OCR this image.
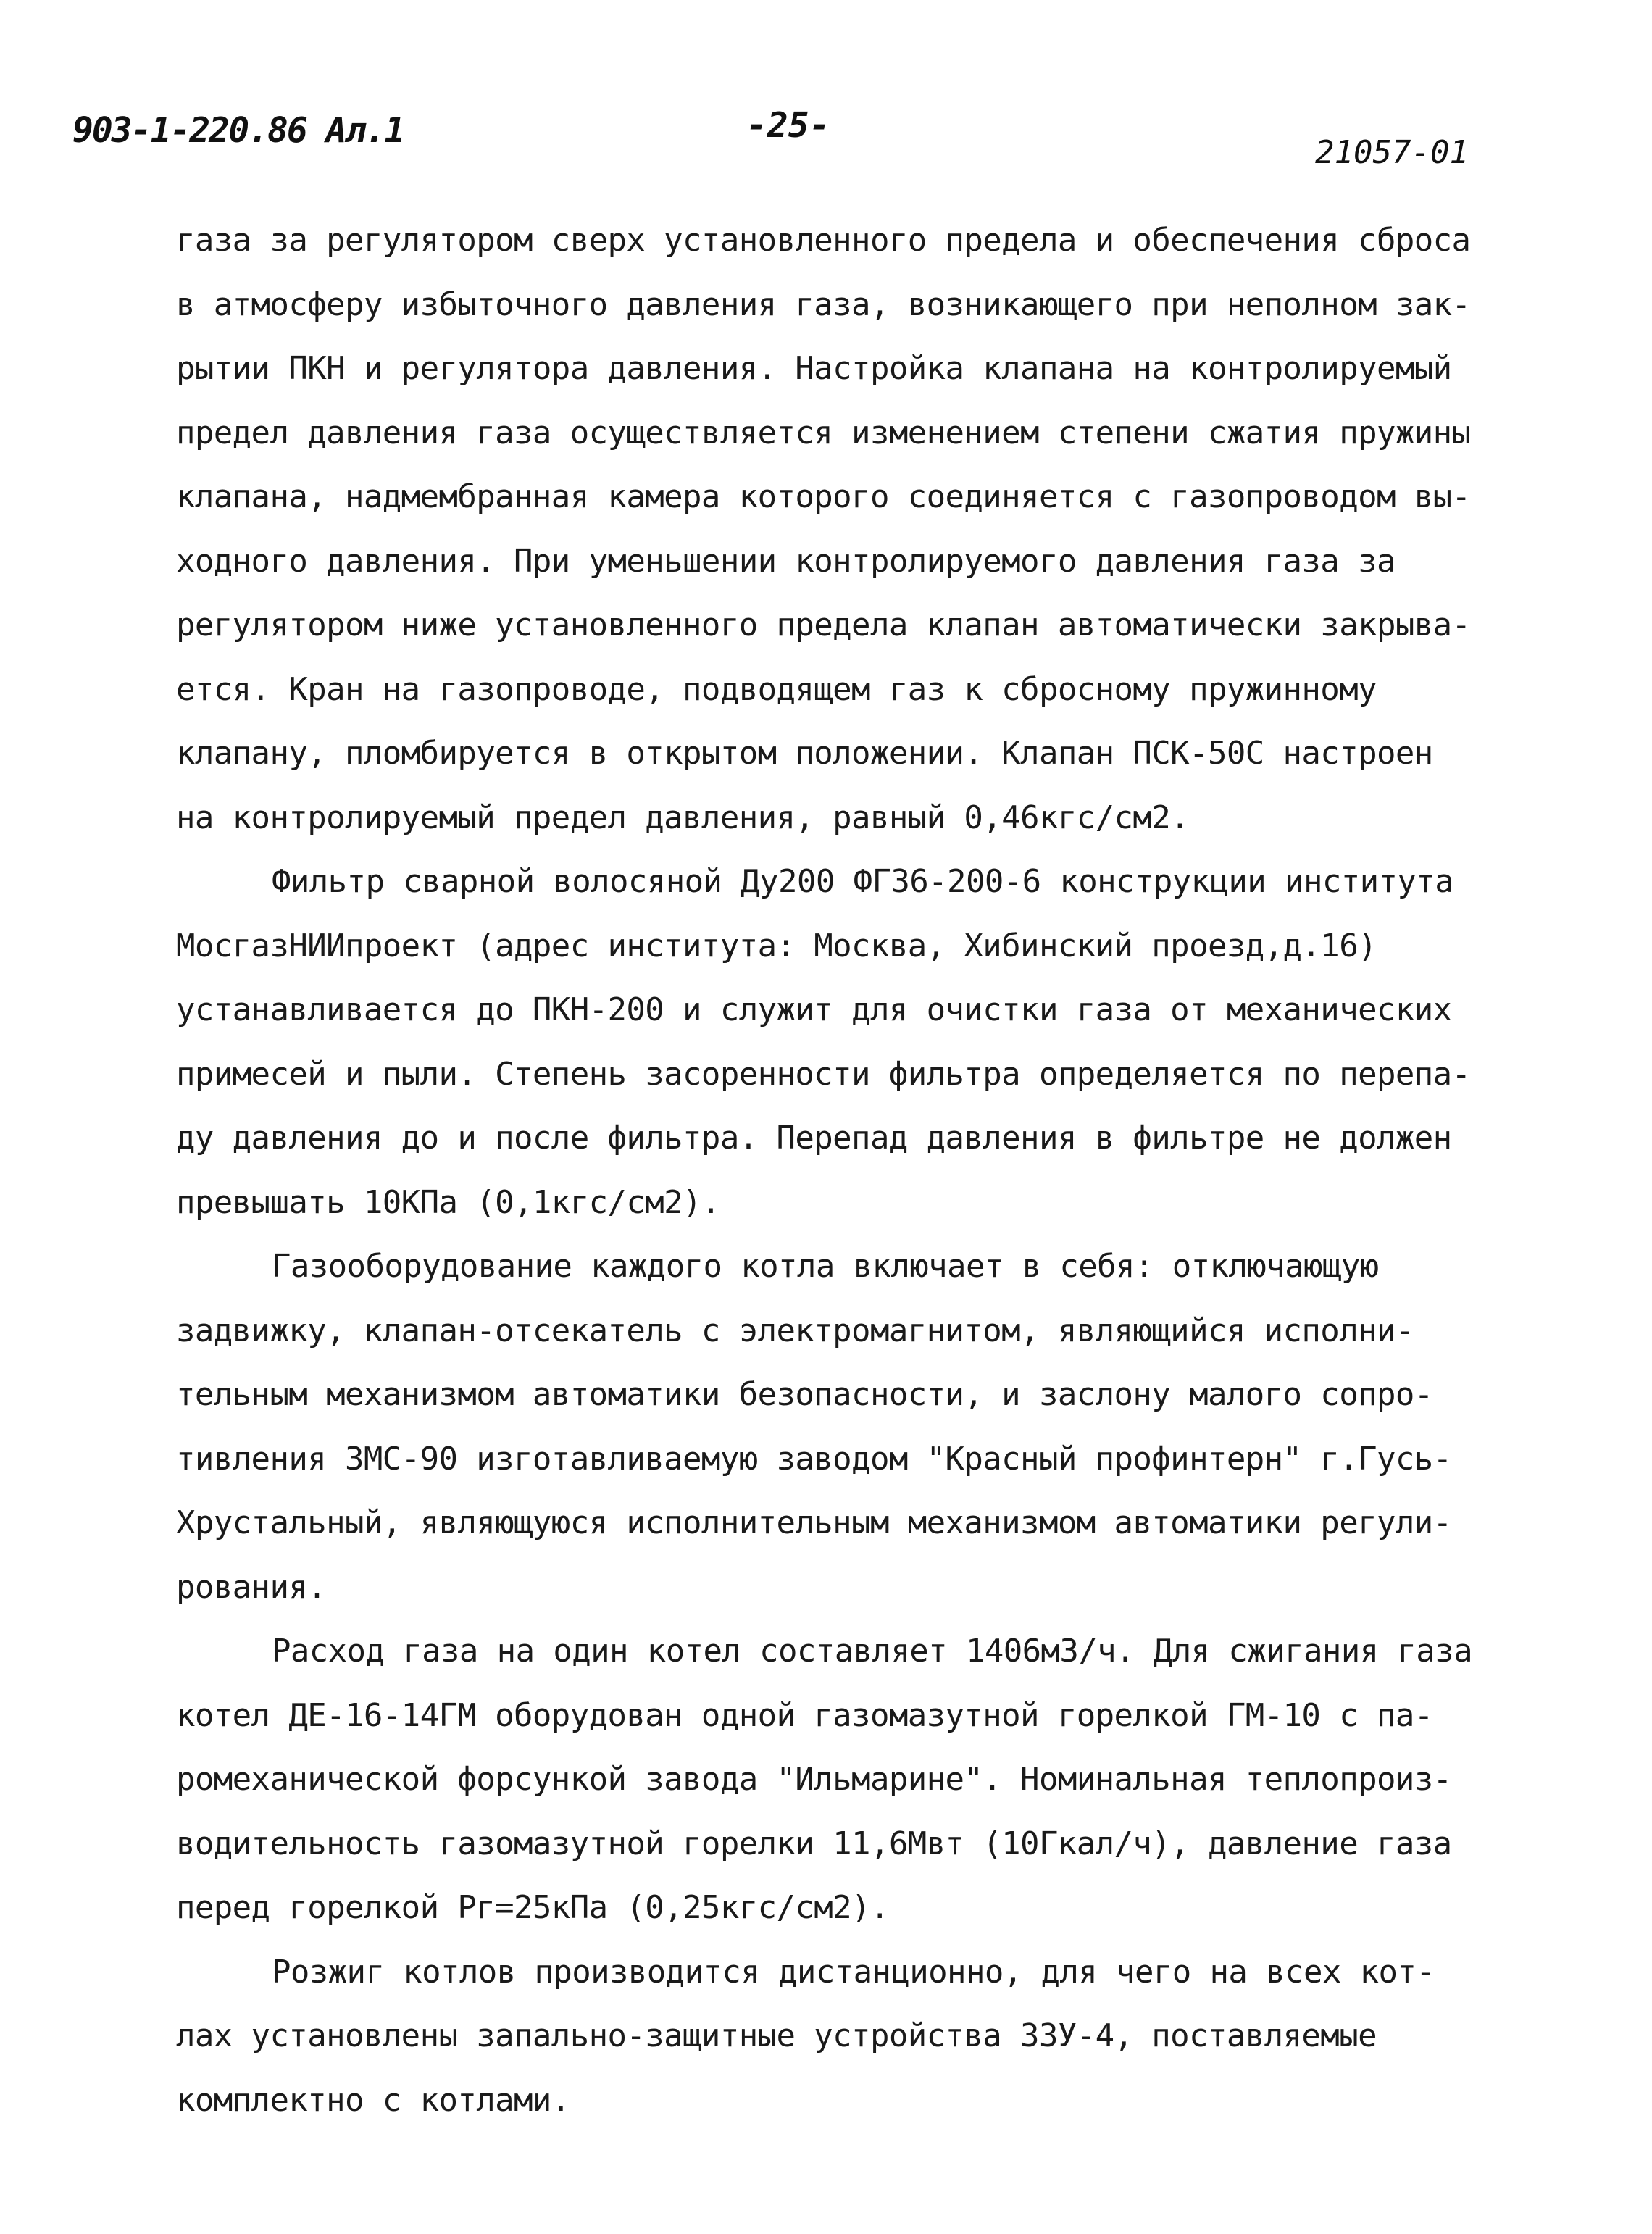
903-1-220.86 Ал.1	-25-
21057-01
газа за регулятором сверх установленного предела и обеспечения сброса
в атмосферу избыточного давления газа, возникающего при неполном зак-
рытии ПКН и регулятора давления. Настройка клапана на контролируемый
предел давления газа осуществляется изменением степени сжатия пружины
клапана, надмембранная камера которого соединяется с газопроводом вы-
ходного давления. При уменьшении контролируемого давления газа за
регулятором ниже установленного предела клапан автоматически закрыва-
ется. Кран на газопроводе, подводящем газ к сбросному пружинному
клапану, пломбируется в открытом положении. Клапан ПСК-50С настроен
на контролируемый предел давления, равный 0,46кгс/см2.
Фильтр сварной волосяной Ду200 ФГ36-200-6 конструкции института
МосгазНИИпроект (адрес института: Москва, Хибинский проезд,д.16)
устанавливается до ПКН-200 и служит для очистки газа от механических
примесей и пыли. Степень засоренности фильтра определяется по перепа-
ду давления до и после фильтра. Перепад давления в фильтре не должен
превышать 10КПа (0,1кгс/см2).
Газооборудование каждого котла включает в себя: отключающую
задвижку, клапан-отсекатель с электромагнитом, являющийся исполни-
тельным механизмом автоматики безопасности, и заслону малого сопро-
тивления ЗМС-90 изготавливаемую заводом "Красный профинтерн" г.Гусь-
Хрустальный, являющуюся исполнительным механизмом автоматики регули-
рования.
Расход газа на один котел составляет 1406м3/ч. Для сжигания газа
котел ДЕ-16-14ГМ оборудован одной газомазутной горелкой ГМ-10 с па-
ромеханической форсункой завода "Ильмарине". Номинальная теплопроиз-
водительность газомазутной горелки 11,6Мвт (10Гкал/ч), давление газа
перед горелкой Рг=25кПа (0,25кгс/см2).
Розжиг котлов производится дистанционно, для чего на всех кот-
лах установлены запально-защитные устройства ЗЗУ-4, поставляемые
комплектно с котлами.
